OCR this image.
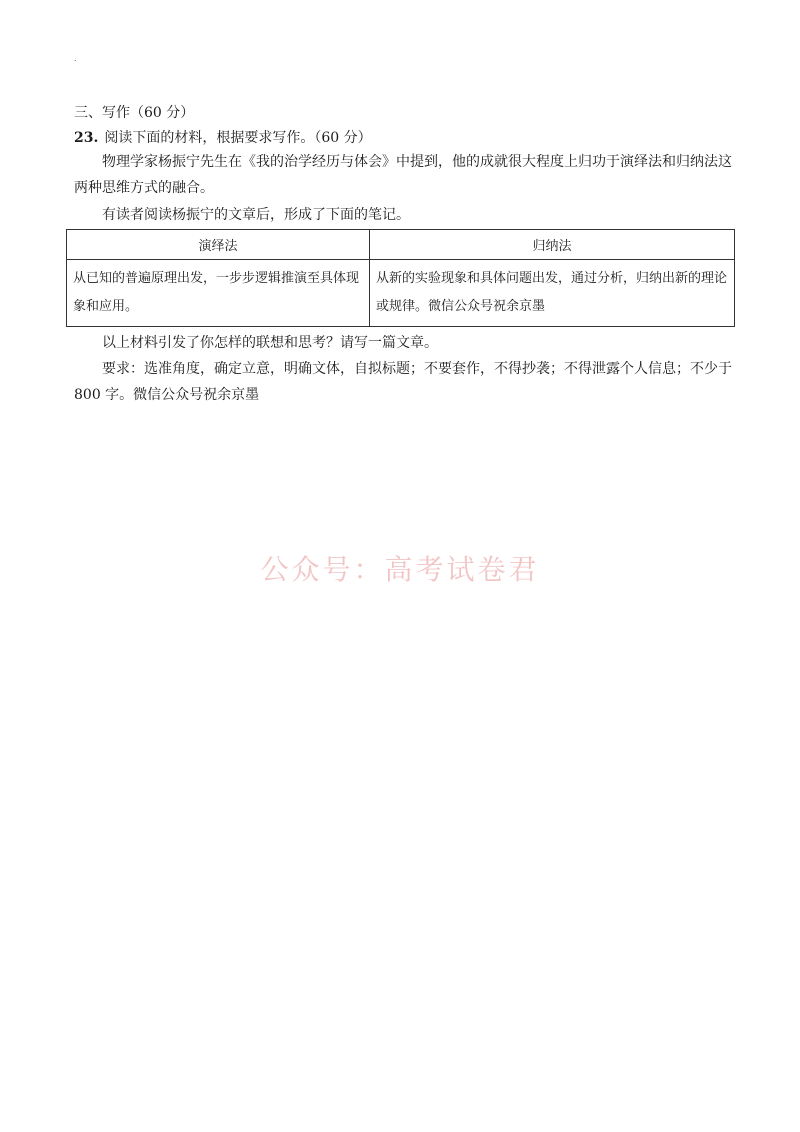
.
三、写作（60 分）
23. 阅读下面的材料，根据要求写作。（60 分）
物理学家杨振宁先生在《我的治学经历与体会》中提到，他的成就很大程度上归功于演绎法和归纳法这两种思维方式的融合。
有读者阅读杨振宁的文章后，形成了下面的笔记。
演绎法	归纳法
从已知的普遍原理出发，一步步逻辑推演至具体现象和应用。	从新的实验现象和具体问题出发，通过分析，归纳出新的理论或规律。微信公众号祝余京墨
以上材料引发了你怎样的联想和思考？请写一篇文章。
要求：选准角度，确定立意，明确文体，自拟标题；不要套作，不得抄袭；不得泄露个人信息；不少于 800 字。微信公众号祝余京墨
公众号：高考试卷君
